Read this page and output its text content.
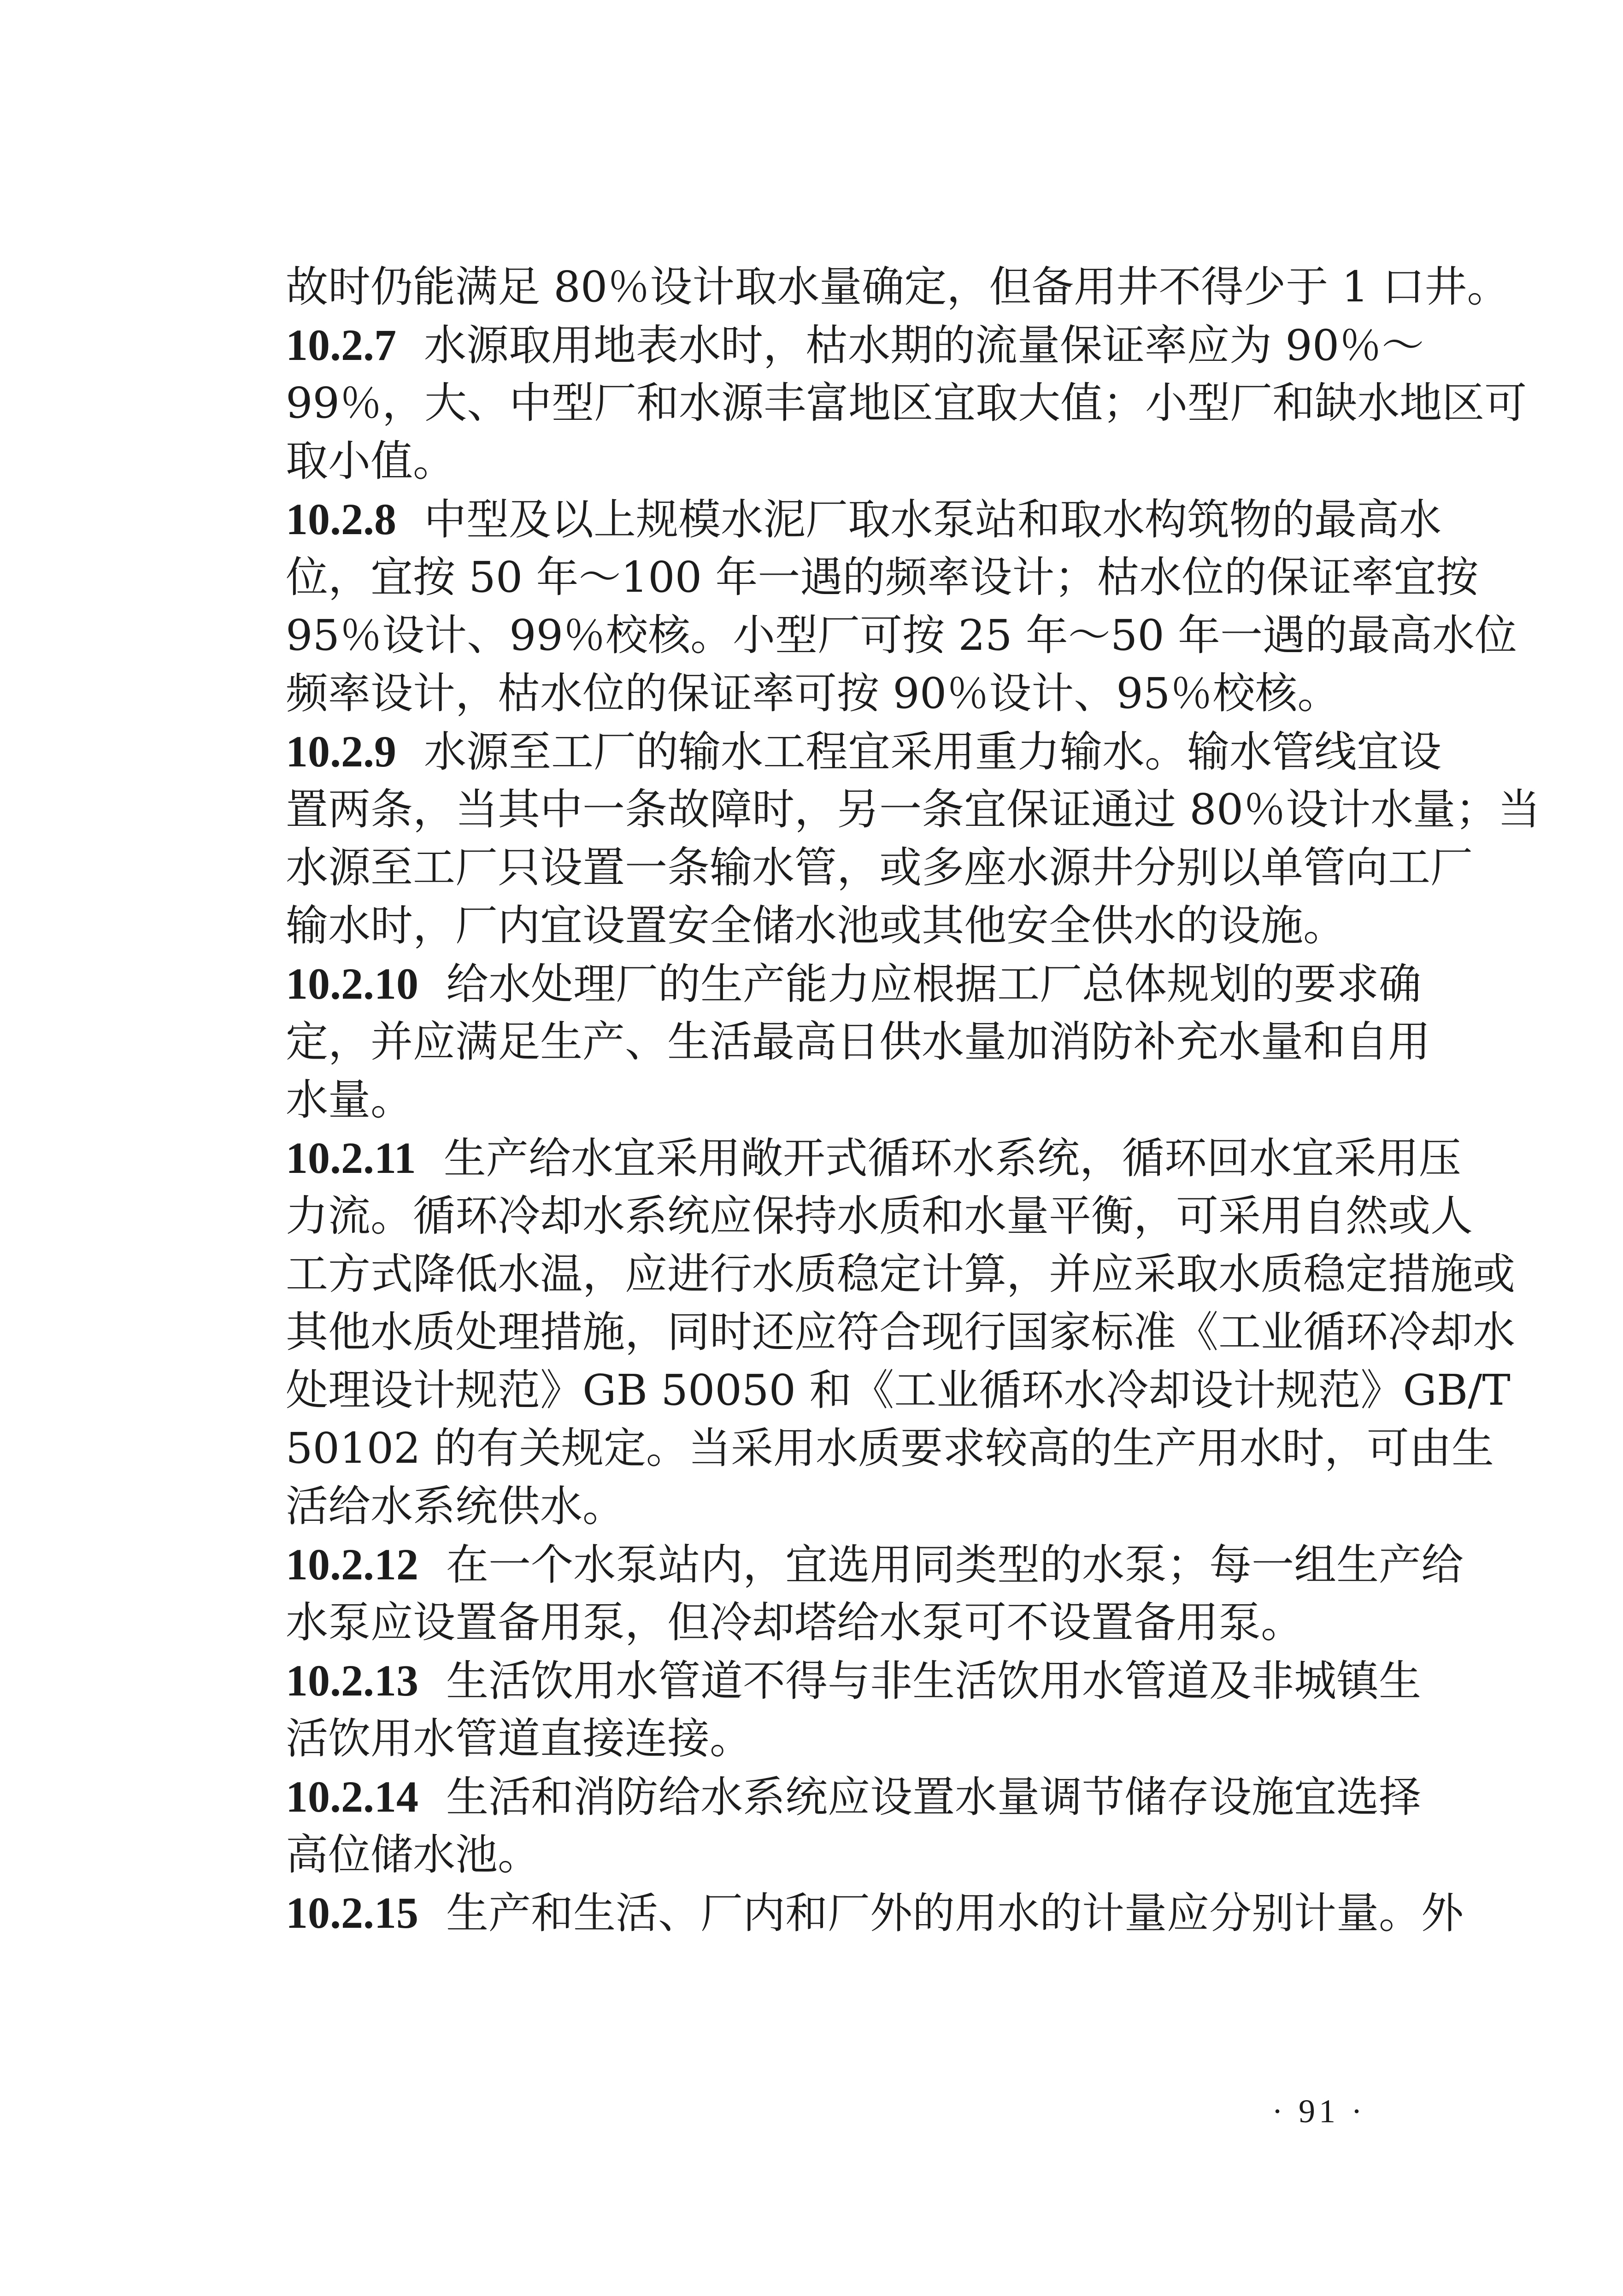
故时仍能满足 80％设计取水量确定，但备用井不得少于 1 口井。
10.2.7 水源取用地表水时，枯水期的流量保证率应为 90％～
99％，大、中型厂和水源丰富地区宜取大值；小型厂和缺水地区可
取小值。
10.2.8 中型及以上规模水泥厂取水泵站和取水构筑物的最高水
位，宜按 50 年～100 年一遇的频率设计；枯水位的保证率宜按
95％设计、99％校核。小型厂可按 25 年～50 年一遇的最高水位
频率设计，枯水位的保证率可按 90％设计、95％校核。
10.2.9 水源至工厂的输水工程宜采用重力输水。输水管线宜设
置两条，当其中一条故障时，另一条宜保证通过 80％设计水量；当
水源至工厂只设置一条输水管，或多座水源井分别以单管向工厂
输水时，厂内宜设置安全储水池或其他安全供水的设施。
10.2.10 给水处理厂的生产能力应根据工厂总体规划的要求确
定，并应满足生产、生活最高日供水量加消防补充水量和自用
水量。
10.2.11 生产给水宜采用敞开式循环水系统，循环回水宜采用压
力流。循环冷却水系统应保持水质和水量平衡，可采用自然或人
工方式降低水温，应进行水质稳定计算，并应采取水质稳定措施或
其他水质处理措施，同时还应符合现行国家标准《工业循环冷却水
处理设计规范》GB 50050 和《工业循环水冷却设计规范》GB/T
50102 的有关规定。当采用水质要求较高的生产用水时，可由生
活给水系统供水。
10.2.12 在一个水泵站内，宜选用同类型的水泵；每一组生产给
水泵应设置备用泵，但冷却塔给水泵可不设置备用泵。
10.2.13 生活饮用水管道不得与非生活饮用水管道及非城镇生
活饮用水管道直接连接。
10.2.14 生活和消防给水系统应设置水量调节储存设施宜选择
高位储水池。
10.2.15 生产和生活、厂内和厂外的用水的计量应分别计量。外
· 91 ·
